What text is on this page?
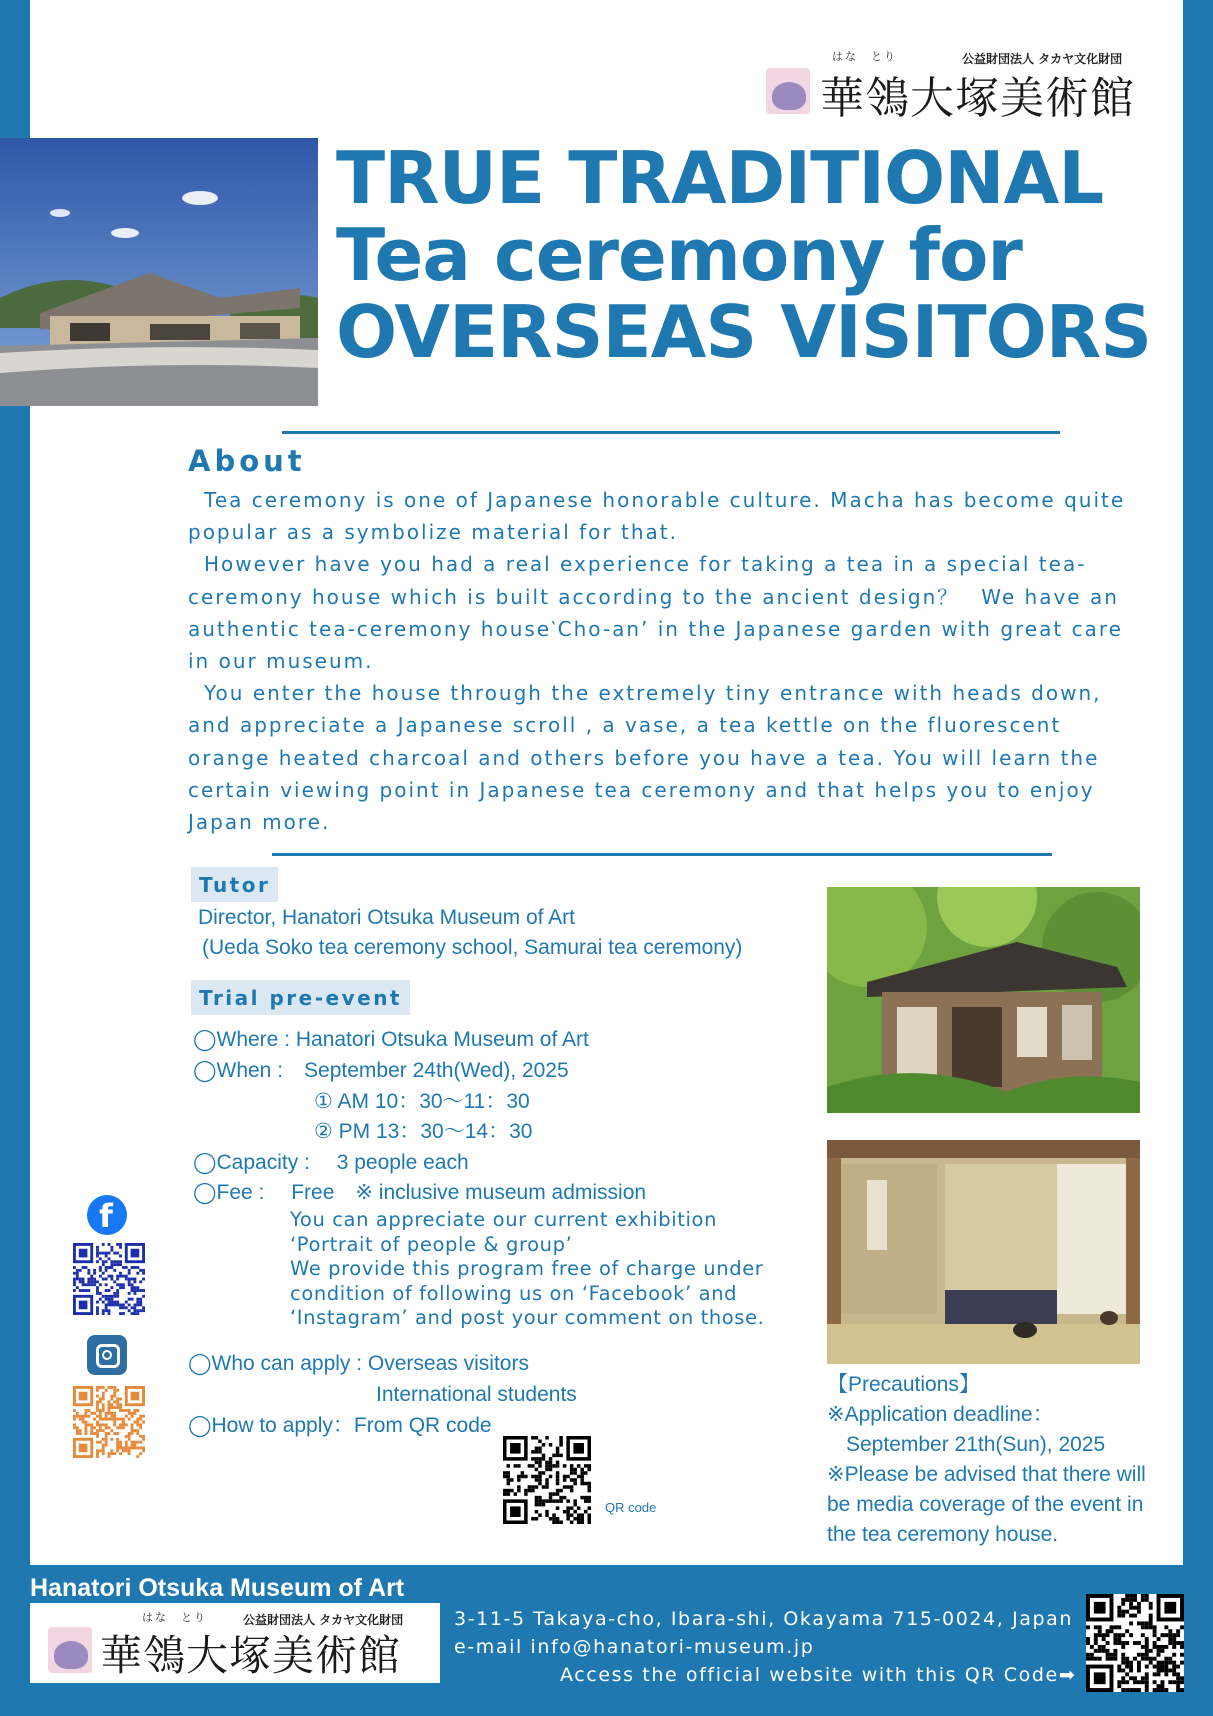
はな　とり	公益財団法人 タカヤ文化財団
華鴒大塚美術館
TRUE TRADITIONAL
Tea ceremony for
OVERSEAS VISITORS
About
Tea ceremony is one of Japanese honorable culture. Macha has become quite popular as a symbolize material for that.
However have you had a real experience for taking a tea in a special tea-ceremony house which is built according to the ancient design？　We have an authentic tea-ceremony house‵Cho-an’ in the Japanese garden with great care in our museum.
You enter the house through the extremely tiny entrance with heads down, and appreciate a Japanese scroll , a vase, a tea kettle on the fluorescent orange heated charcoal and others before you have a tea. You will learn the certain viewing point in Japanese tea ceremony and that helps you to enjoy Japan more.
Tutor
Director, Hanatori Otsuka Museum of Art
(Ueda Soko tea ceremony school, Samurai tea ceremony)
Trial pre-event
◯Where : Hanatori Otsuka Museum of Art
◯When :　September 24th(Wed), 2025
① AM 10：30〜11：30
② PM 13：30〜14：30
◯Capacity :　 3 people each
◯Fee :　 Free　※ inclusive museum admission
You can appreciate our current exhibition
‘Portrait of people & group’
We provide this program free of charge under
condition of following us on ‘Facebook’ and
‘Instagram’ and post your comment on those.
◯Who can apply : Overseas visitors
International students
◯How to apply：From QR code
QR code
f
【Precautions】
※Application deadline：
September 21th(Sun), 2025
※Please be advised that there will
be media coverage of the event in
the tea ceremony house.
Hanatori Otsuka Museum of Art
はな　とり	公益財団法人 タカヤ文化財団
華鴒大塚美術館
3-11-5 Takaya-cho, Ibara-shi, Okayama 715-0024, Japan
e-mail info@hanatori-museum.jp
Access the official website with this QR Code➡
